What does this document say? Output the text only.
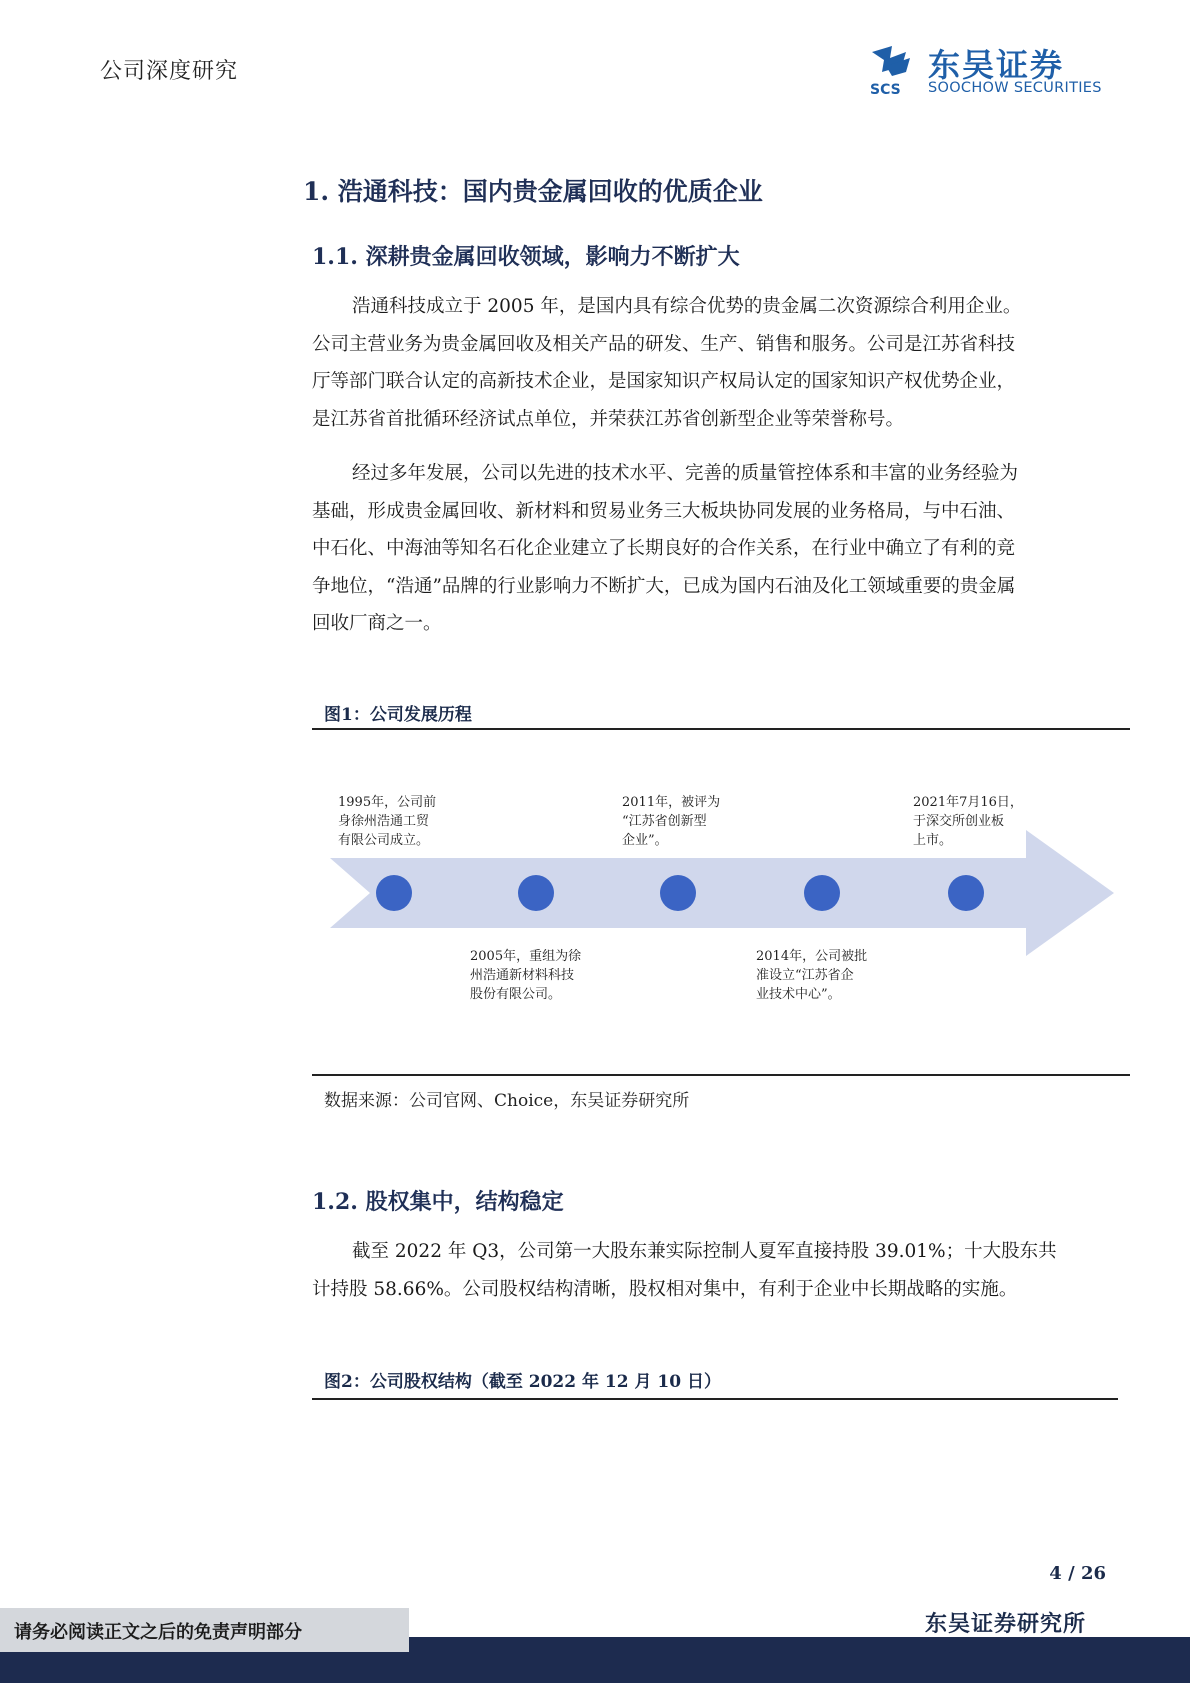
公司深度研究
SCS
东吴证券
SOOCHOW SECURITIES
1. 浩通科技：国内贵金属回收的优质企业
1.1. 深耕贵金属回收领域，影响力不断扩大
浩通科技成立于 2005 年，是国内具有综合优势的贵金属二次资源综合利用企业。
公司主营业务为贵金属回收及相关产品的研发、生产、销售和服务。公司是江苏省科技
厅等部门联合认定的高新技术企业，是国家知识产权局认定的国家知识产权优势企业，
是江苏省首批循环经济试点单位，并荣获江苏省创新型企业等荣誉称号。
经过多年发展，公司以先进的技术水平、完善的质量管控体系和丰富的业务经验为
基础，形成贵金属回收、新材料和贸易业务三大板块协同发展的业务格局，与中石油、
中石化、中海油等知名石化企业建立了长期良好的合作关系，在行业中确立了有利的竞
争地位，“浩通”品牌的行业影响力不断扩大，已成为国内石油及化工领域重要的贵金属
回收厂商之一。
图1：公司发展历程
1995年，公司前
身徐州浩通工贸
有限公司成立。
2011年，被评为
“江苏省创新型
企业”。
2021年7月16日，
于深交所创业板
上市。
2005年，重组为徐
州浩通新材料科技
股份有限公司。
2014年，公司被批
准设立“江苏省企
业技术中心”。
数据来源：公司官网、Choice，东吴证券研究所
1.2. 股权集中，结构稳定
截至 2022 年 Q3，公司第一大股东兼实际控制人夏军直接持股 39.01%；十大股东共
计持股 58.66%。公司股权结构清晰，股权相对集中，有利于企业中长期战略的实施。
图2：公司股权结构（截至 2022 年 12 月 10 日）
4 / 26
请务必阅读正文之后的免责声明部分	东吴证券研究所
